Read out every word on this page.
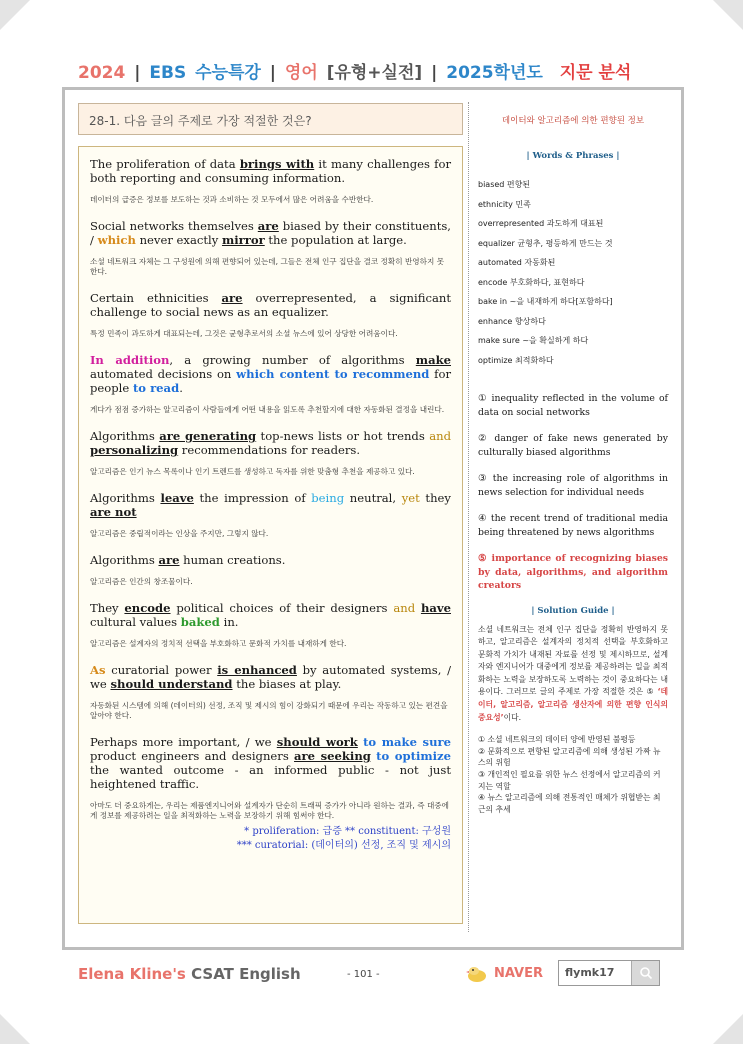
2024 | EBS 수능특강 | 영어 [유형+실전] | 2025학년도 지문 분석
28-1. 다음 글의 주제로 가장 적절한 것은?

The proliferation of data brings with it many challenges for both reporting and consuming information.

데이터의 급증은 정보를 보도하는 것과 소비하는 것 모두에서 많은 어려움을 수반한다.

Social networks themselves are biased by their constituents, / which never exactly mirror the population at large.

소셜 네트워크 자체는 그 구성원에 의해 편향되어 있는데, 그들은 전체 인구 집단을 결코 정확히 반영하지 못한다.

Certain ethnicities are overrepresented, a significant challenge to social news as an equalizer.

특정 민족이 과도하게 대표되는데, 그것은 균형추로서의 소셜 뉴스에 있어 상당한 어려움이다.

In addition, a growing number of algorithms make automated decisions on which content to recommend for people to read.

게다가 점점 증가하는 알고리즘이 사람들에게 어떤 내용을 읽도록 추천할지에 대한 자동화된 결정을 내린다.

Algorithms are generating top-news lists or hot trends and personalizing recommendations for readers.

알고리즘은 인기 뉴스 목록이나 인기 트렌드를 생성하고 독자를 위한 맞춤형 추천을 제공하고 있다.

Algorithms leave the impression of being neutral, yet they are not

알고리즘은 중립적이라는 인상을 주지만, 그렇지 않다.

Algorithms are human creations.

알고리즘은 인간의 창조물이다.

They encode political choices of their designers and have cultural values baked in.

알고리즘은 설계자의 정치적 선택을 부호화하고 문화적 가치를 내재하게 한다.

As curatorial power is enhanced by automated systems, / we should understand the biases at play.

자동화된 시스템에 의해 (데이터의) 선정, 조직 및 제시의 힘이 강화되기 때문에 우리는 작동하고 있는 편견을 알아야 한다.

Perhaps more important, / we should work to make sure product engineers and designers are seeking to optimize the wanted outcome - an informed public - not just heightened traffic.

아마도 더 중요하게는, 우리는 제품엔지니어와 설계자가 단순히 트래픽 증가가 아니라 원하는 결과, 즉 대중에게 정보를 제공하려는 일을 최적화하는 노력을 보장하기 위해 힘써야 한다.

* proliferation: 급증 ** constituent: 구성원

*** curatorial: (데이터의) 선정, 조직 및 제시의

데이터와 알고리즘에 의한 편향된 정보

| Words & Phrases |

biased 편향된
ethnicity 민족
overrepresented 과도하게 대표된
equalizer 균형추, 평등하게 만드는 것
automated 자동화된
encode 부호화하다, 표현하다
bake in ~을 내재하게 하다[포함하다]
enhance 향상하다
make sure ~을 확실하게 하다
optimize 최적화하다

① inequality reflected in the volume of data on social networks

② danger of fake news generated by culturally biased algorithms

③ the increasing role of algorithms in news selection for individual needs

④ the recent trend of traditional media being threatened by news algorithms

⑤ importance of recognizing biases by data, algorithms, and algorithm creators

| Solution Guide |

소셜 네트워크는 전체 인구 집단을 정확히 반영하지 못하고, 알고리즘은 설계자의 정치적 선택을 부호화하고 문화적 가치가 내재된 자료를 선정 및 제시하므로, 설계자와 엔지니어가 대중에게 정보를 제공하려는 일을 최적화하는 노력을 보장하도록 노력하는 것이 중요하다는 내용이다. 그러므로 글의 주제로 가장 적절한 것은 ⑤ ‘데이터, 알고리즘, 알고리즘 생산자에 의한 편향 인식의 중요성’이다.

① 소셜 네트워크의 데이터 양에 반영된 불평등
② 문화적으로 편향된 알고리즘에 의해 생성된 가짜 뉴스의 위험
③ 개인적인 필요를 위한 뉴스 선정에서 알고리즘의 커지는 역할
④ 뉴스 알고리즘에 의해 전통적인 매체가 위협받는 최근의 추세
Elena Kline's CSAT English	- 101 -	NAVER flymk17
